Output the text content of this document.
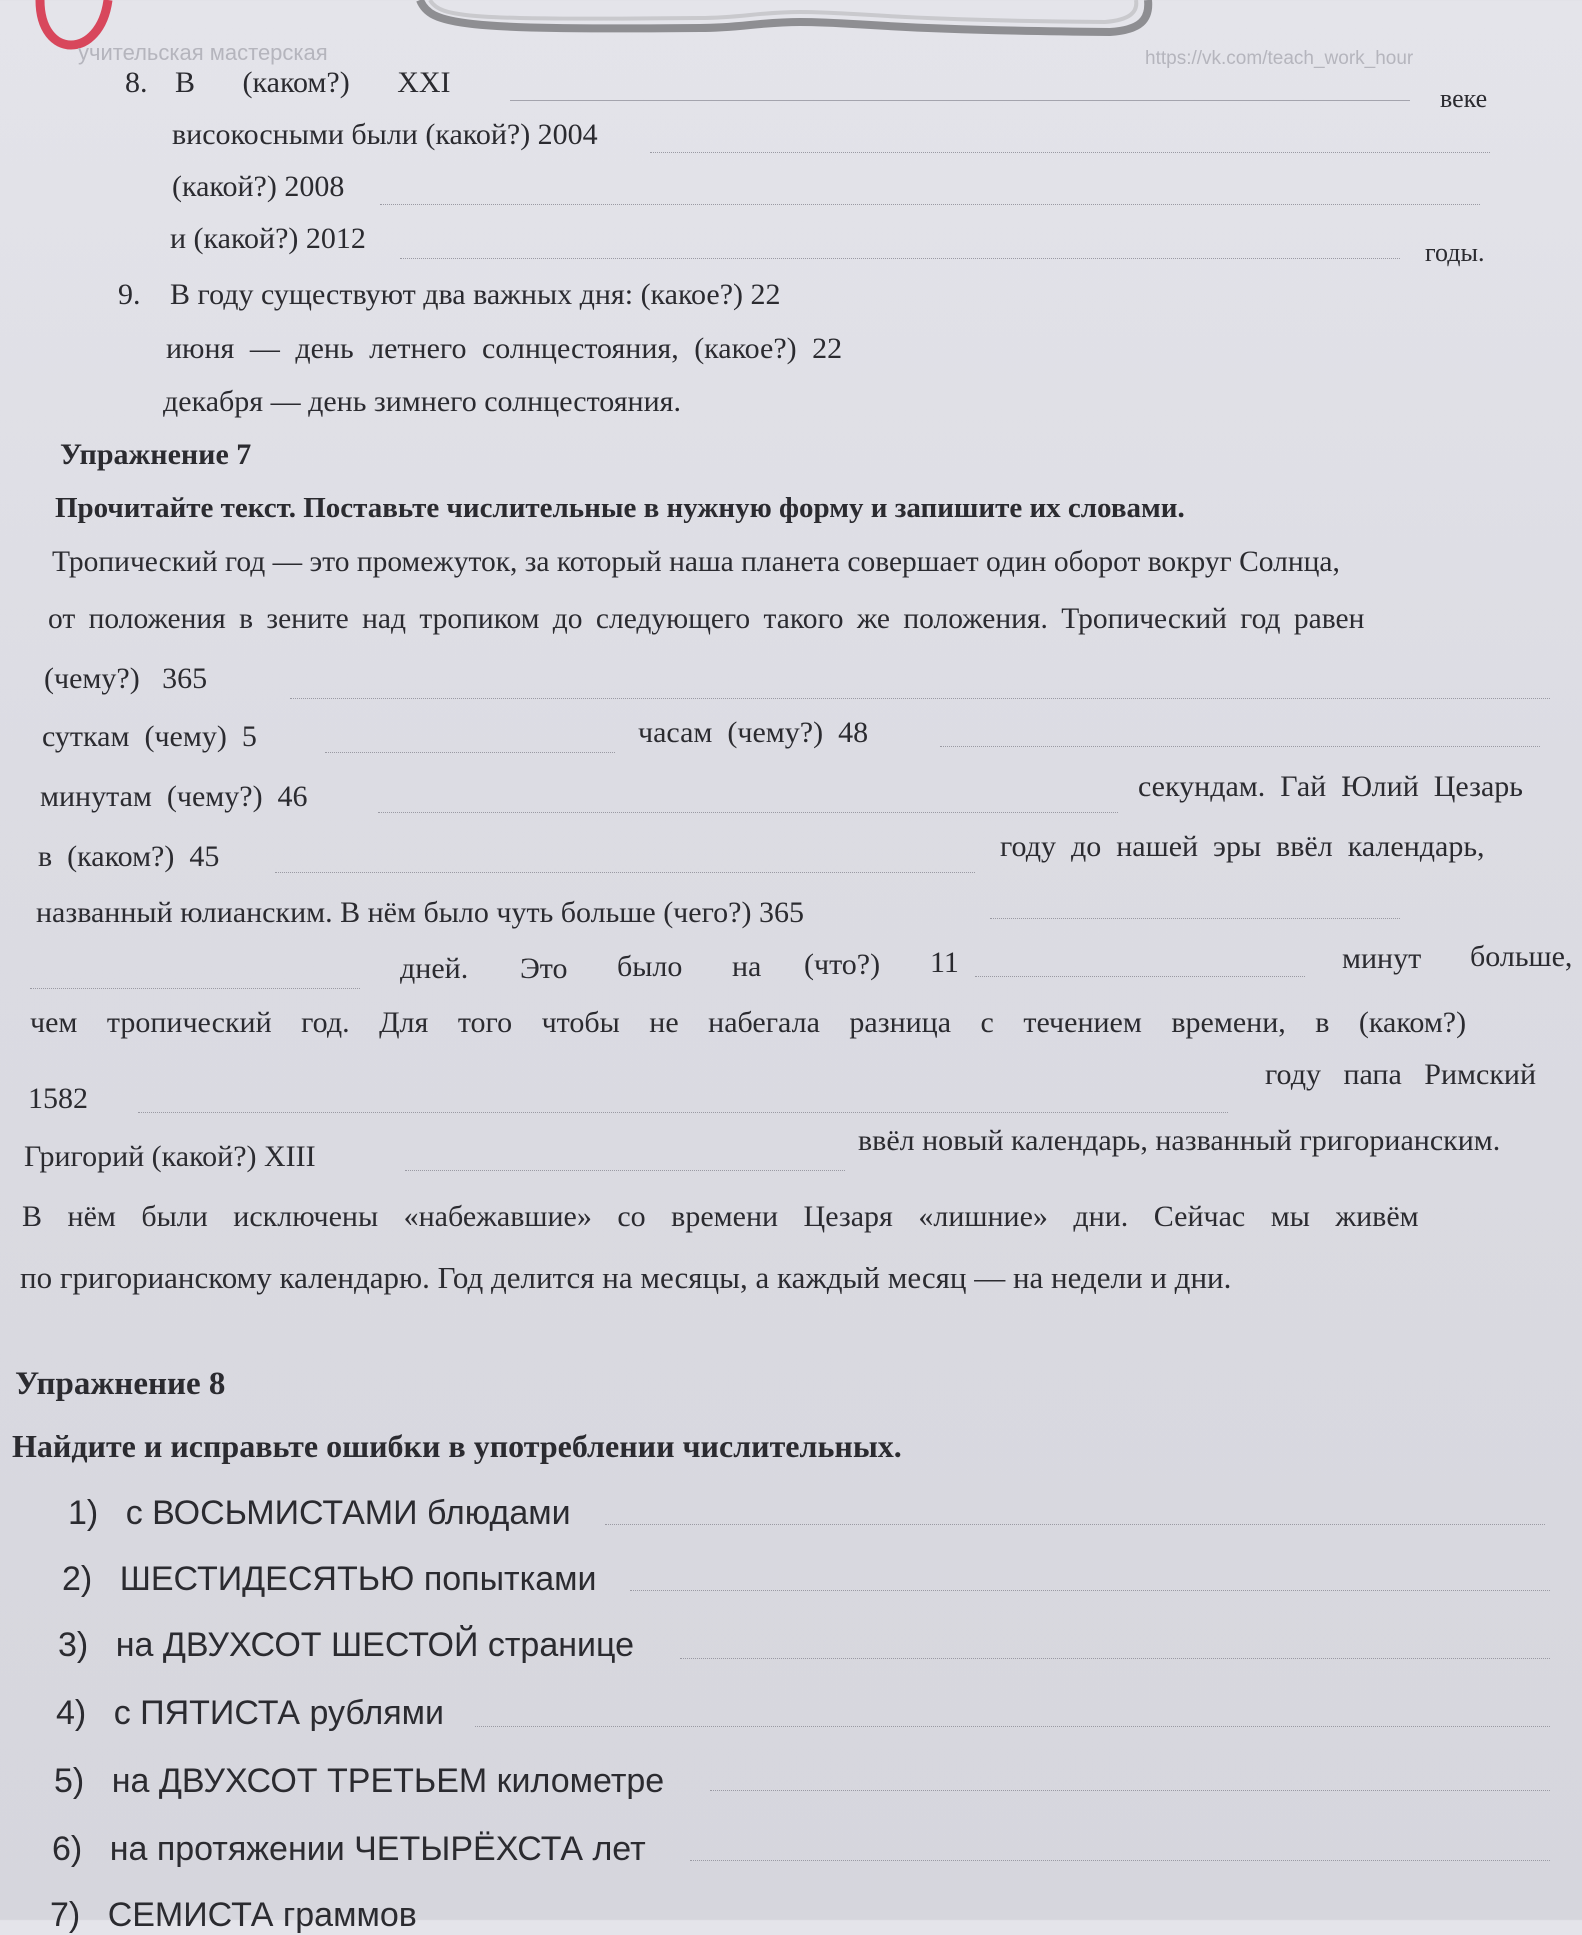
учительская мастерская	https://vk.com/teach_work_hour
8. В (каком?) XXI	веке
високосными были (какой?) 2004
(какой?) 2008
и (какой?) 2012	годы.
9. В году существуют два важных дня: (какое?) 22
июня — день летнего солнцестояния, (какое?) 22
декабря — день зимнего солнцестояния.
Упражнение 7
Прочитайте текст. Поставьте числительные в нужную форму и запишите их словами.
Тропический год — это промежуток, за который наша планета совершает один оборот вокруг Солнца,
от положения в зените над тропиком до следующего такого же положения. Тропический год равен
(чему?)   365
суткам  (чему)  5	часам  (чему?)  48
минутам  (чему?)  46	секундам.  Гай  Юлий  Цезарь
в  (каком?)  45	году  до  нашей  эры  ввёл  календарь,
названный юлианским. В нём было чуть больше (чего?) 365
дней. Это было на (что?) 11	минут больше,
чем тропический год. Для того чтобы не набегала разница с течением времени, в (каком?)
1582
году   папа   Римский
Григорий (какой?) XIII	ввёл новый календарь, названный григорианским.
В нём были исключены «набежавшие» со времени Цезаря «лишние» дни. Сейчас мы живём
по григорианскому календарю. Год делится на месяцы, а каждый месяц — на недели и дни.
Упражнение 8
Найдите и исправьте ошибки в употреблении числительных.
1) с ВОСЬМИСТАМИ блюдами
2) ШЕСТИДЕСЯТЬЮ попытками
3) на ДВУХСОТ ШЕСТОЙ странице
4) с ПЯТИСТА рублями
5) на ДВУХСОТ ТРЕТЬЕМ километре
6) на протяжении ЧЕТЫРЁХСТА лет
7) СЕМИСТА граммов
